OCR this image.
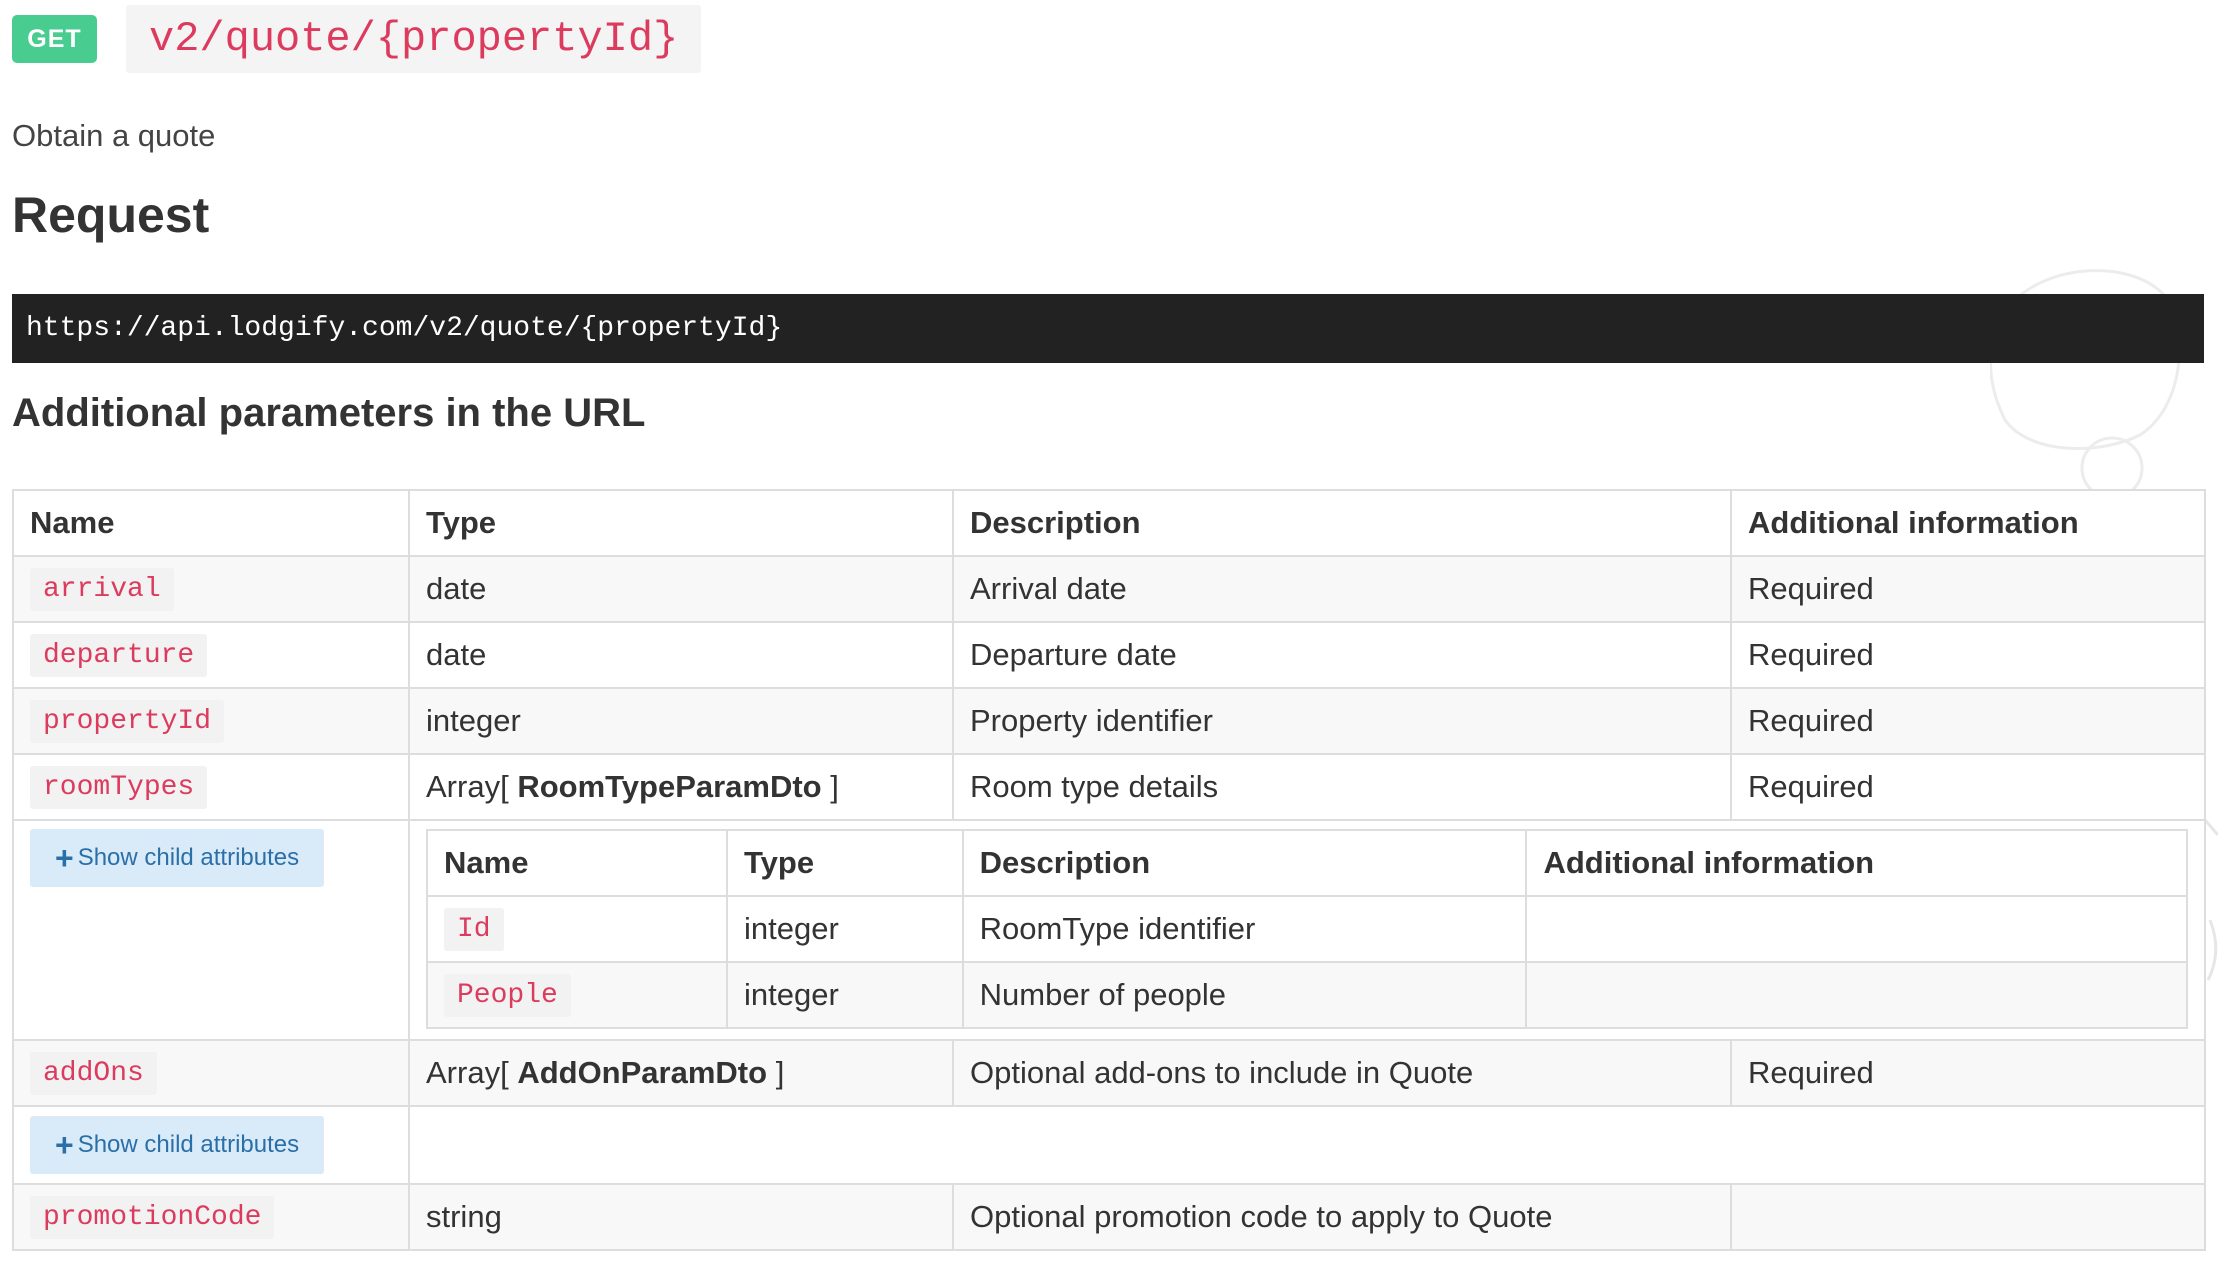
GET	v2/quote/{propertyId}

Obtain a quote

Request
https://api.lodgify.com/v2/quote/{propertyId}
Additional parameters in the URL
Name	Type	Description	Additional information
arrival	date	Arrival date	Required
departure	date	Departure date	Required
propertyId	integer	Property identifier	Required
roomTypes	Array[ RoomTypeParamDto ]	Room type details	Required

+ Show child attributes
		Name	Type	Description	Additional information
Id	integer	RoomType identifier	
People	integer	Number of people	

addOns	Array[ AddOnParamDto ]	Optional add-ons to include in Quote	Required

+ Show child attributes

promotionCode	string	Optional promotion code to apply to Quote	
